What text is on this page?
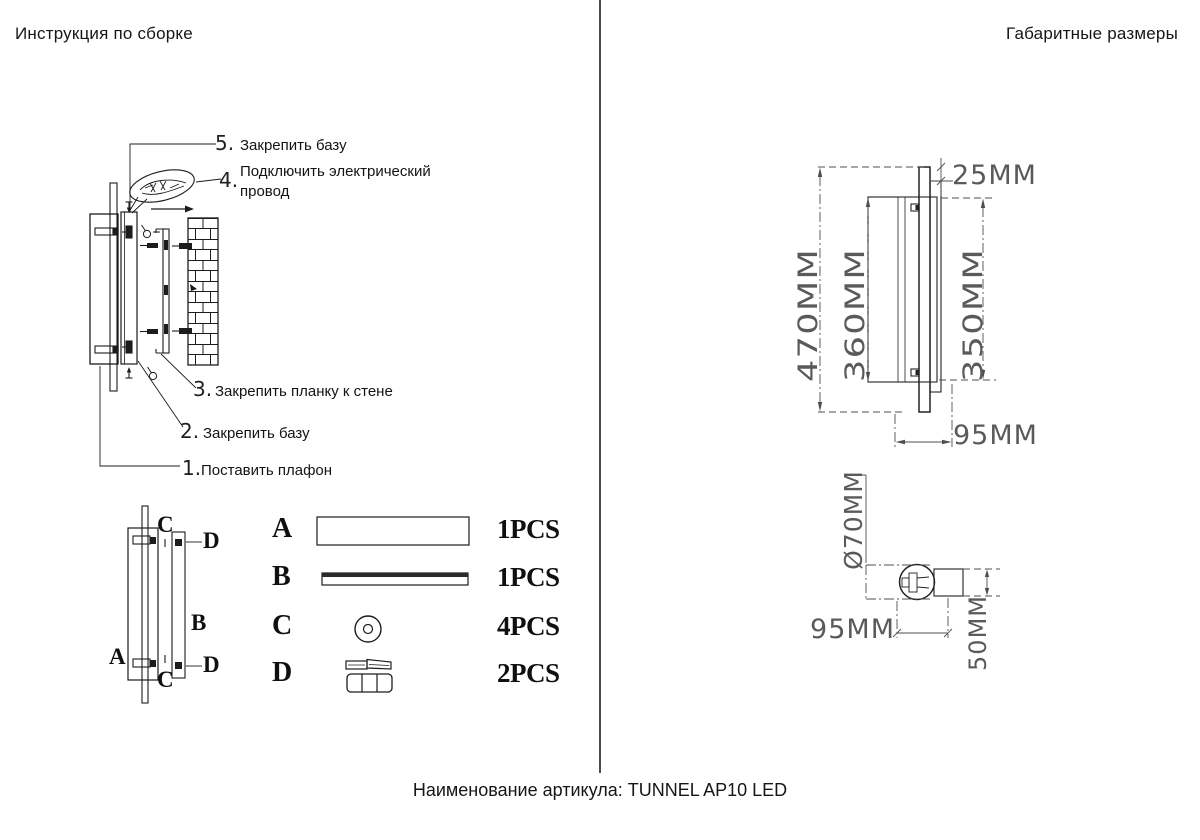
470MM 360MM	350MM
25MM
95MM
Ø70MM
95MM	50MM
Инструкция по сборке	Габаритные размеры
5. Закрепить базу
4. Подключить электрический провод
3. Закрепить планку к стене
2. Закрепить базу
1. Поставить плафон
C
D
B
A	D
C
A	1PCS
B	1PCS
C	4PCS
D	2PCS
Наименование артикула: TUNNEL AP10 LED
